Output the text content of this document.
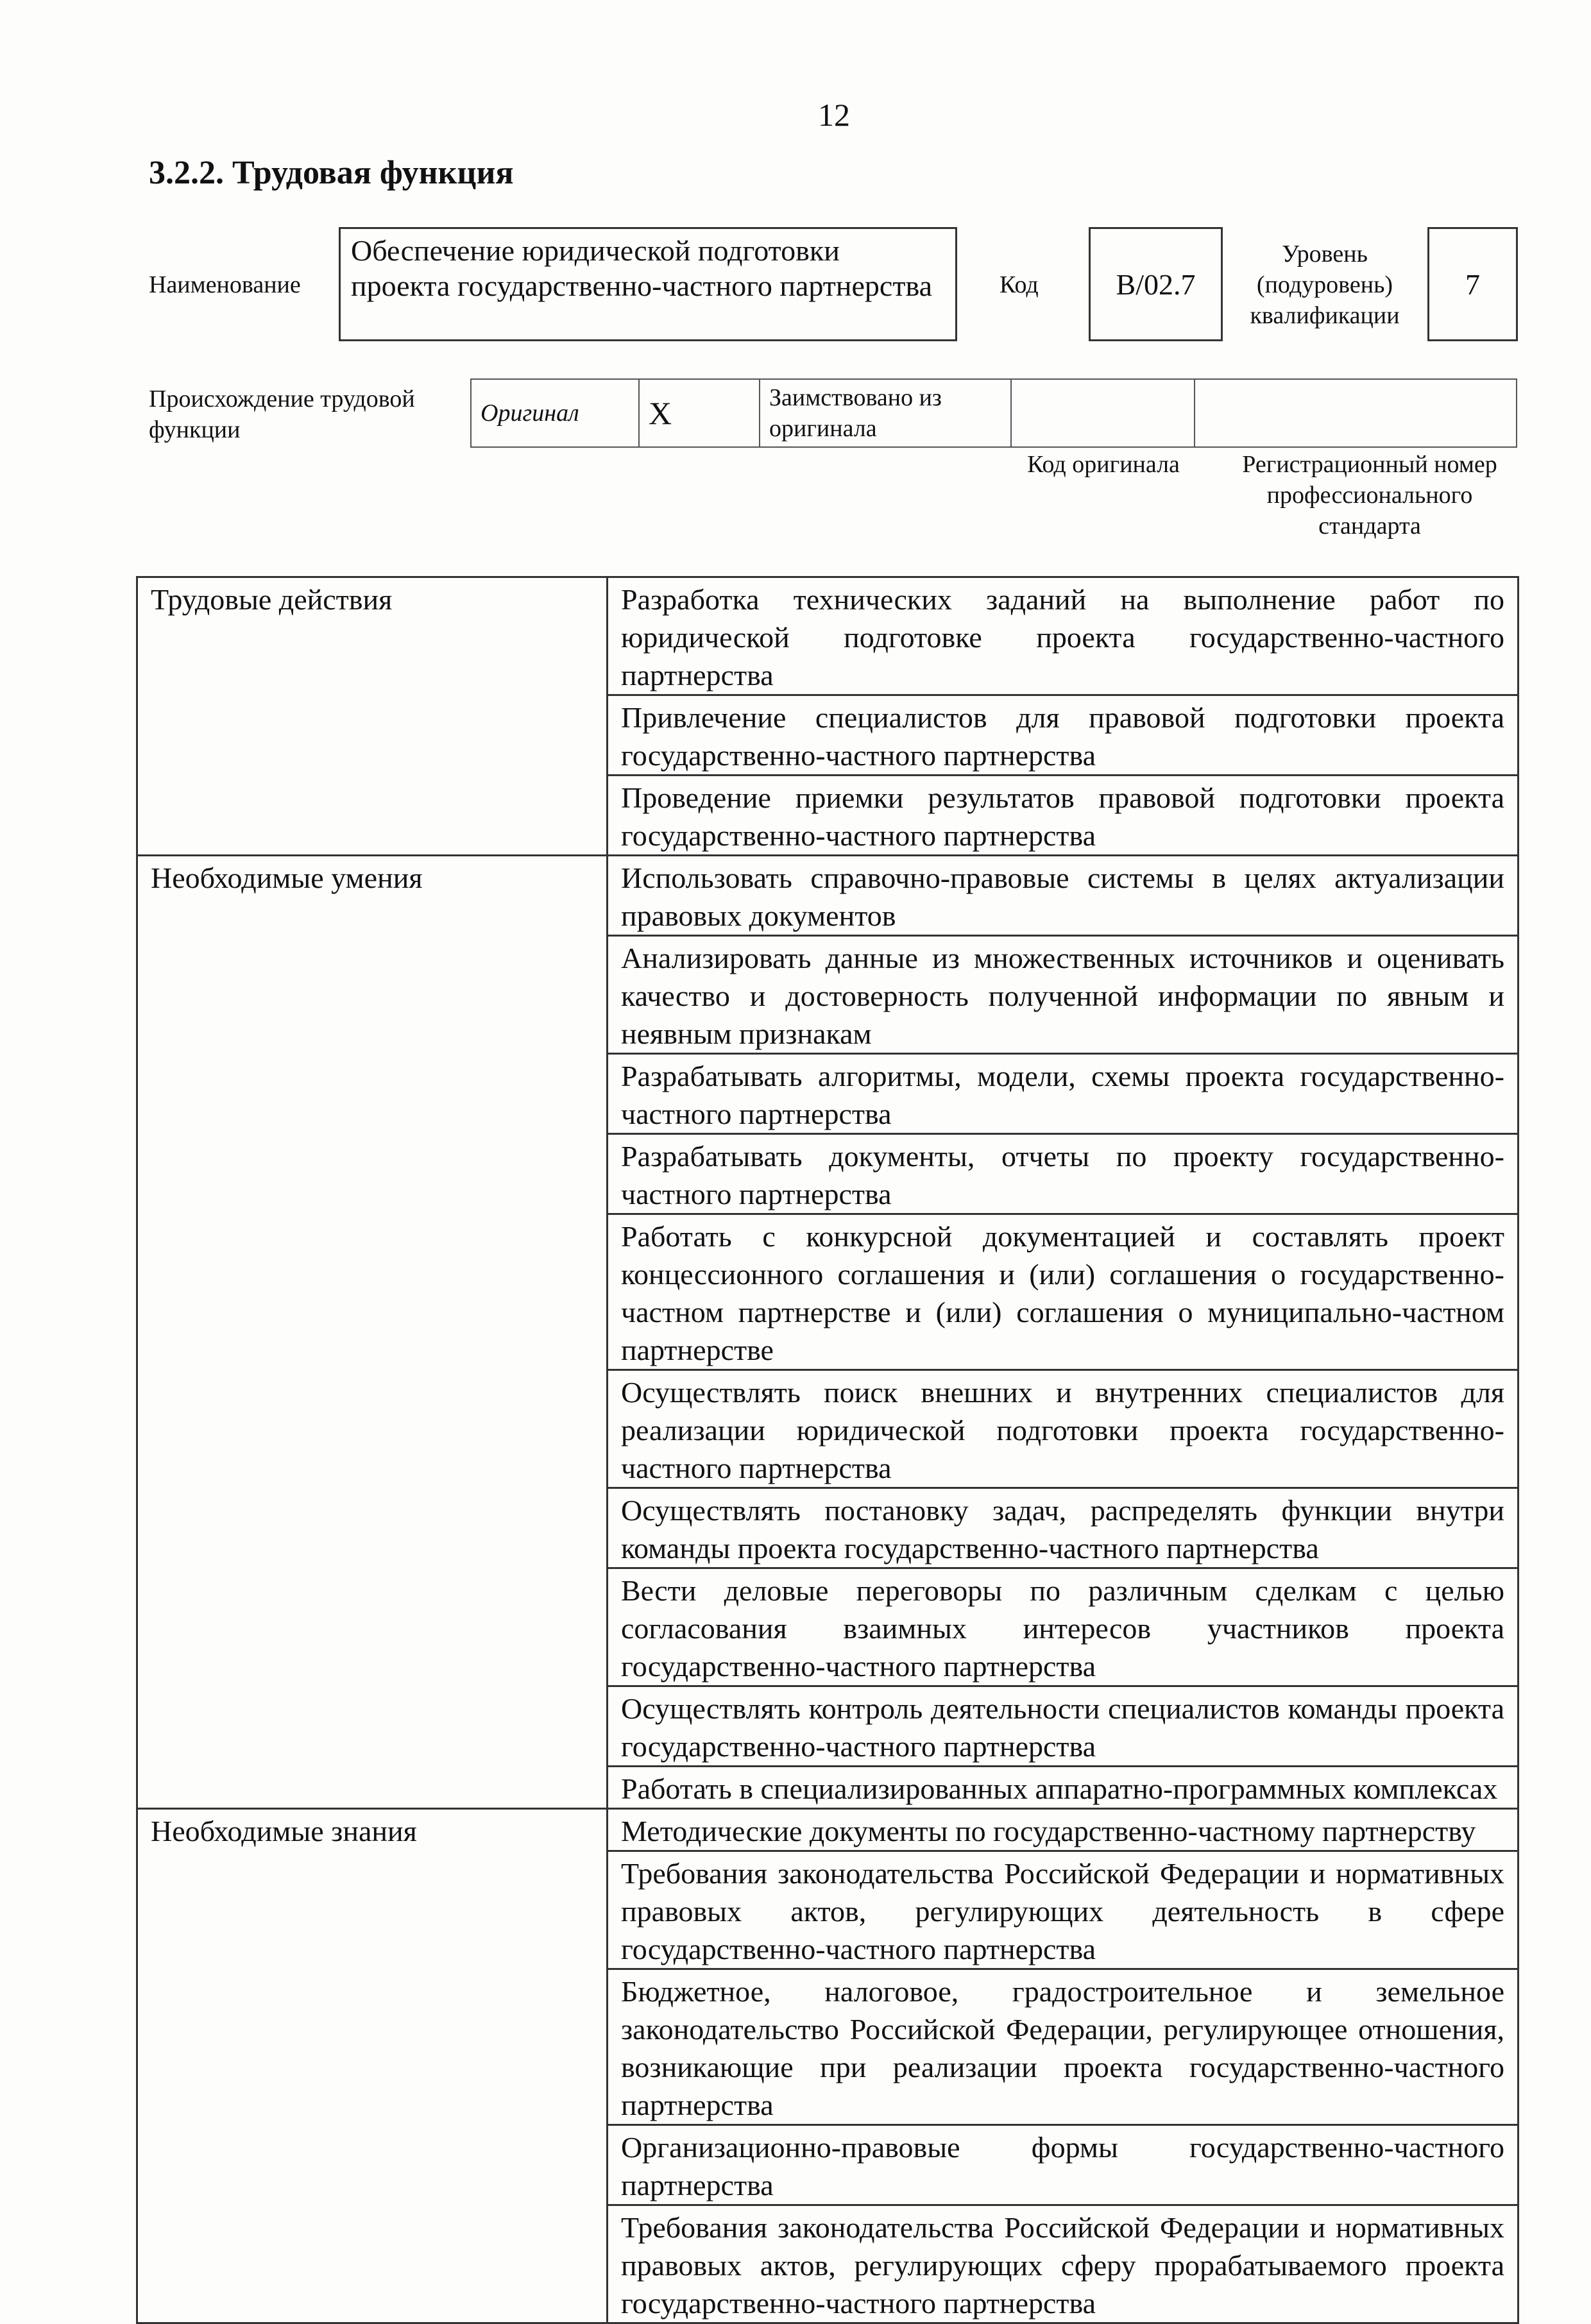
12
3.2.2. Трудовая функция
Наименование
Обеспечение юридической подготовки проекта государственно-частного партнерства	Код	B/02.7
Уровень (подуровень) квалификации
7
Происхождение трудовой функции
Оригинал	X	Заимствовано из оригинала		
Код оригинала	Регистрационный номер профессионального стандарта
Трудовые действия	Разработка технических заданий на выполнение работ по юридической подготовке проекта государственно-частного партнерства
	Привлечение специалистов для правовой подготовки проекта государственно-частного партнерства
	Проведение приемки результатов правовой подготовки проекта государственно-частного партнерства
Необходимые умения	Использовать справочно-правовые системы в целях актуализации правовых документов
	Анализировать данные из множественных источников и оценивать качество и достоверность полученной информации по явным и неявным признакам
	Разрабатывать алгоритмы, модели, схемы проекта государственно-частного партнерства
	Разрабатывать документы, отчеты по проекту государственно-частного партнерства
	Работать с конкурсной документацией и составлять проект концессионного соглашения и (или) соглашения о государственно-частном партнерстве и (или) соглашения о муниципально-частном партнерстве
	Осуществлять поиск внешних и внутренних специалистов для реализации юридической подготовки проекта государственно-частного партнерства
	Осуществлять постановку задач, распределять функции внутри команды проекта государственно-частного партнерства
	Вести деловые переговоры по различным сделкам с целью согласования взаимных интересов участников проекта государственно-частного партнерства
	Осуществлять контроль деятельности специалистов команды проекта государственно-частного партнерства
	Работать в специализированных аппаратно-программных комплексах
Необходимые знания	Методические документы по государственно-частному партнерству
	Требования законодательства Российской Федерации и нормативных правовых актов, регулирующих деятельность в сфере государственно-частного партнерства
	Бюджетное, налоговое, градостроительное и земельное законодательство Российской Федерации, регулирующее отношения, возникающие при реализации проекта государственно-частного партнерства
	Организационно-правовые формы государственно-частного партнерства
	Требования законодательства Российской Федерации и нормативных правовых актов, регулирующих сферу прорабатываемого проекта государственно-частного партнерства
